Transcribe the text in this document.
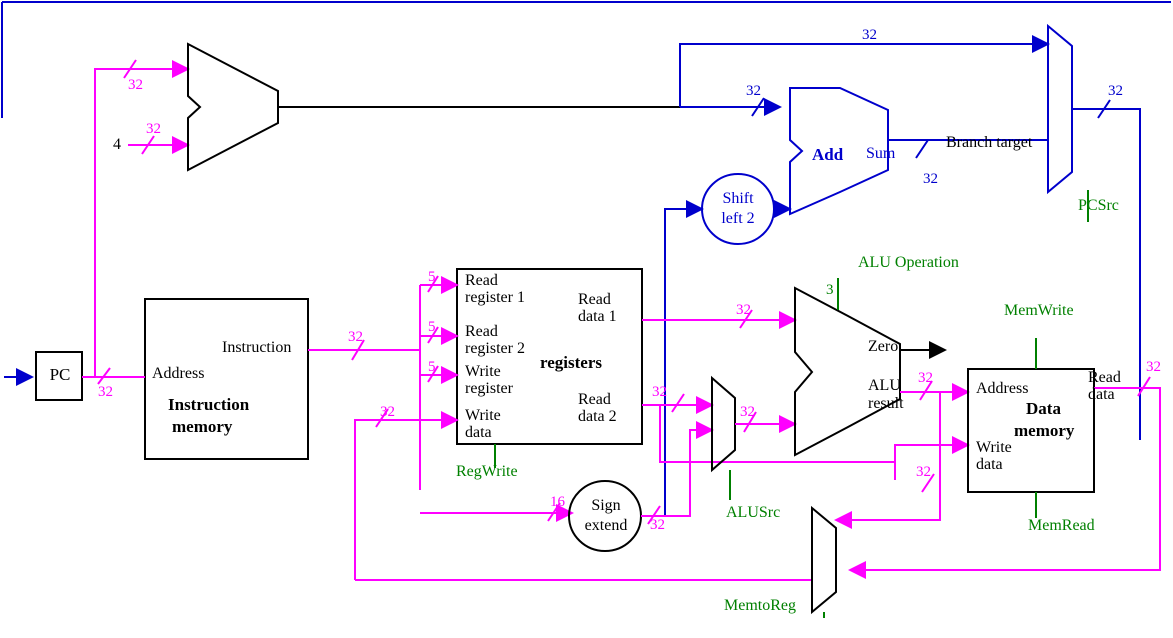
PC	Address
Instruction
Instruction
memory
4
Read
register 1
Read
register 2
Write
register
Write
data
Read
data 1
Read
data 2
registers
Sign
extend
Shift
left 2
Add Sum
Branch target
Zero
ALU
result
ALU Operation
Address
Write
data
Read
data
Data
memory
PCSrc
RegWrite
ALUSrc
MemWrite
MemRead
MemtoReg
32
32
32
32
32
32
32
32
5
5
5
32
32
32
32
16
32
32
32
32
3
